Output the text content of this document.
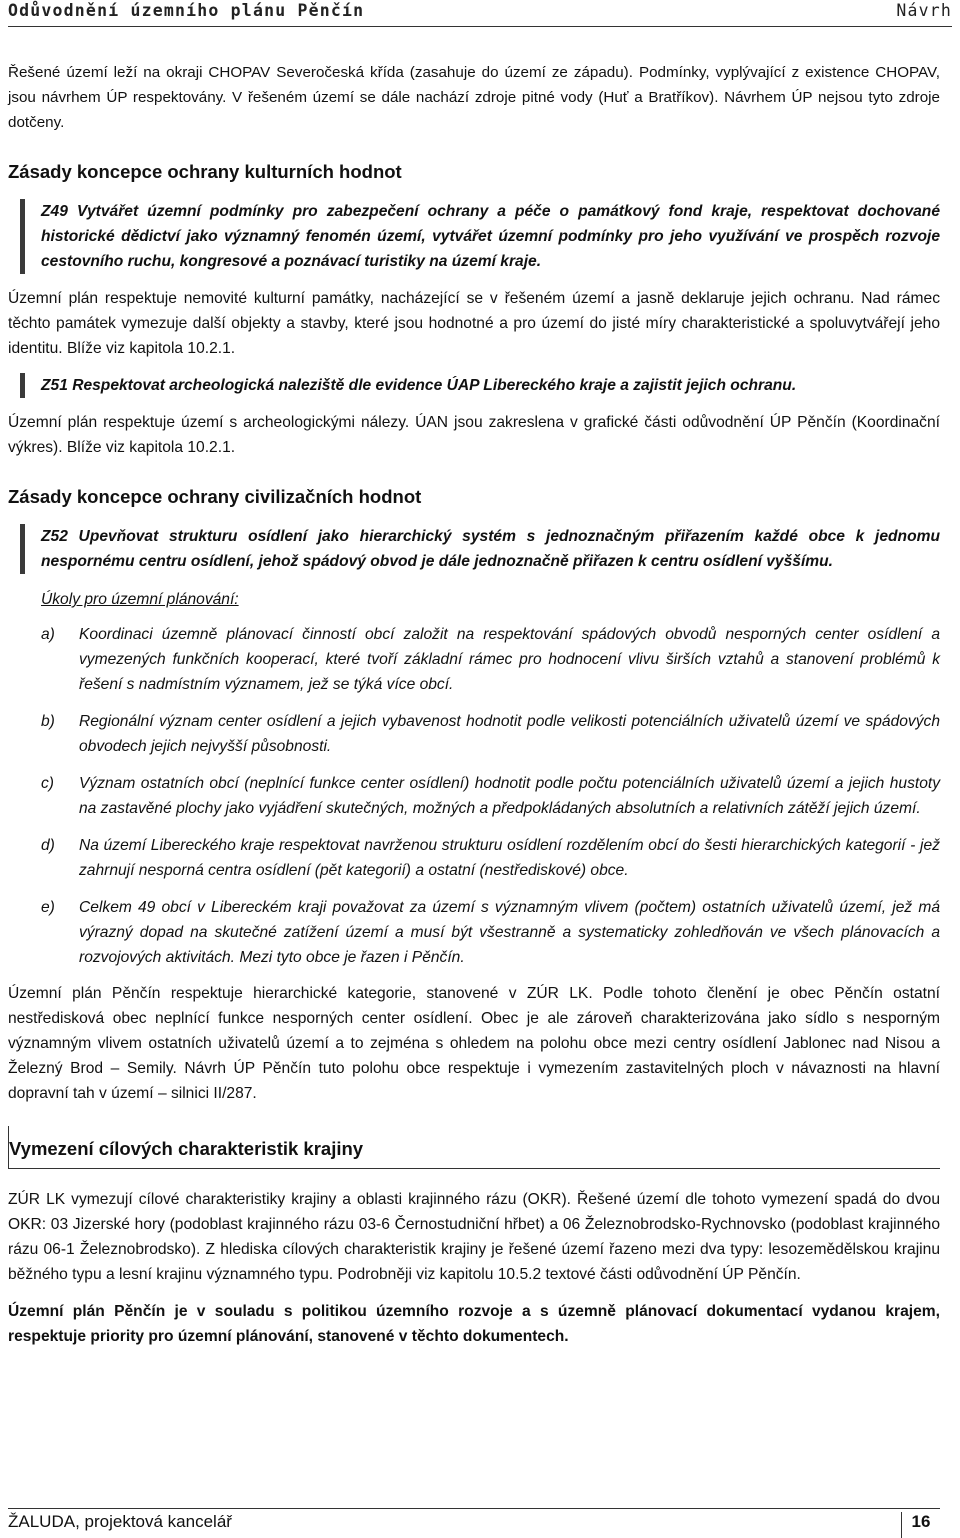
Odůvodnění územního plánu Pěnčín	Návrh

Řešené území leží na okraji CHOPAV Severočeská křída (zasahuje do území ze západu). Podmínky, vyplývající z existence CHOPAV, jsou návrhem ÚP respektovány. V řešeném území se dále nachází zdroje pitné vody (Huť a Bratříkov). Návrhem ÚP nejsou tyto zdroje dotčeny.

Zásady koncepce ochrany kulturních hodnot
Z49 Vytvářet územní podmínky pro zabezpečení ochrany a péče o památkový fond kraje, respektovat dochované historické dědictví jako významný fenomén území, vytvářet územní podmínky pro jeho využívání ve prospěch rozvoje cestovního ruchu, kongresové a poznávací turistiky na území kraje.

Územní plán respektuje nemovité kulturní památky, nacházející se v řešeném území a jasně deklaruje jejich ochranu. Nad rámec těchto památek vymezuje další objekty a stavby, které jsou hodnotné a pro území do jisté míry charakteristické a spoluvytvářejí jeho identitu. Blíže viz kapitola 10.2.1.

Z51 Respektovat archeologická naleziště dle evidence ÚAP Libereckého kraje a zajistit jejich ochranu.

Územní plán respektuje území s archeologickými nálezy. ÚAN jsou zakreslena v grafické části odůvodnění ÚP Pěnčín (Koordinační výkres). Blíže viz kapitola 10.2.1.

Zásady koncepce ochrany civilizačních hodnot
Z52 Upevňovat strukturu osídlení jako hierarchický systém s jednoznačným přiřazením každé obce k jednomu nespornému centru osídlení, jehož spádový obvod je dále jednoznačně přiřazen k centru osídlení vyššímu.
Úkoly pro územní plánování:
a)	Koordinaci územně plánovací činností obcí založit na respektování spádových obvodů nesporných center osídlení a vymezených funkčních kooperací, které tvoří základní rámec pro hodnocení vlivu širších vztahů a stanovení problémů k řešení s nadmístním významem, jež se týká více obcí.
b)	Regionální význam center osídlení a jejich vybavenost hodnotit podle velikosti potenciálních uživatelů území ve spádových obvodech jejich nejvyšší působnosti.
c)	Význam ostatních obcí (neplnící funkce center osídlení) hodnotit podle počtu potenciálních uživatelů území a jejich hustoty na zastavěné plochy jako vyjádření skutečných, možných a předpokládaných absolutních a relativních zátěží jejich území.
d)	Na území Libereckého kraje respektovat navrženou strukturu osídlení rozdělením obcí do šesti hierarchických kategorií - jež zahrnují nesporná centra osídlení (pět kategorií) a ostatní (nestřediskové) obce.
e)	Celkem 49 obcí v Libereckém kraji považovat za území s významným vlivem (počtem) ostatních uživatelů území, jež má výrazný dopad na skutečné zatížení území a musí být všestranně a systematicky zohledňován ve všech plánovacích a rozvojových aktivitách. Mezi tyto obce je řazen i Pěnčín.

Územní plán Pěnčín respektuje hierarchické kategorie, stanovené v ZÚR LK. Podle tohoto členění je obec Pěnčín ostatní nestředisková obec neplnící funkce nesporných center osídlení. Obec je ale zároveň charakterizována jako sídlo s nesporným významným vlivem ostatních uživatelů území a to zejména s ohledem na polohu obce mezi centry osídlení Jablonec nad Nisou a Železný Brod – Semily. Návrh ÚP Pěnčín tuto polohu obce respektuje i vymezením zastavitelných ploch v návaznosti na hlavní dopravní tah v území – silnici II/287.

Vymezení cílových charakteristik krajiny

ZÚR LK vymezují cílové charakteristiky krajiny a oblasti krajinného rázu (OKR). Řešené území dle tohoto vymezení spadá do dvou OKR: 03 Jizerské hory (podoblast krajinného rázu 03-6 Černostudniční hřbet) a 06 Železnobrodsko-Rychnovsko (podoblast krajinného rázu 06-1 Železnobrodsko). Z hlediska cílových charakteristik krajiny je řešené území řazeno mezi dva typy: lesozemědělskou krajinu běžného typu a lesní krajinu významného typu. Podrobněji viz kapitolu 10.5.2 textové části odůvodnění ÚP Pěnčín.

Územní plán Pěnčín je v souladu s politikou územního rozvoje a s územně plánovací dokumentací vydanou krajem, respektuje priority pro územní plánování, stanovené v těchto dokumentech.

ŽALUDA, projektová kancelář	16
